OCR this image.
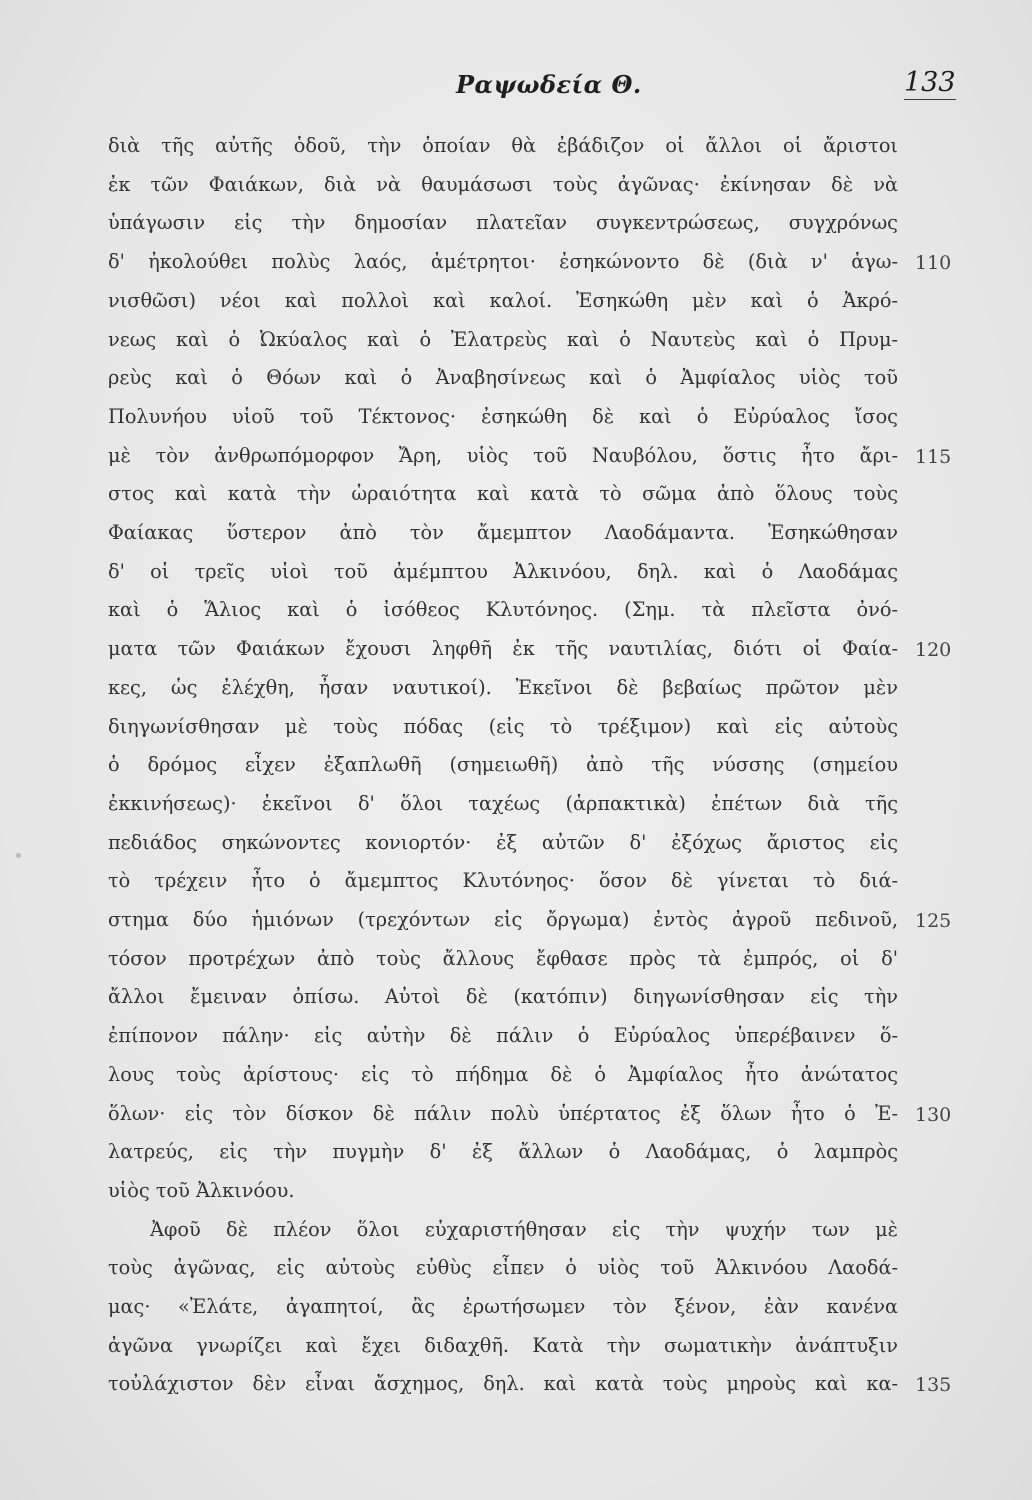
Ραψωδεία Θ.	133
διὰ τῆς αὐτῆς ὁδοῦ, τὴν ὁποίαν θὰ ἐβάδιζον οἱ ἄλλοι οἱ ἄριστοι
ἐκ τῶν Φαιάκων, διὰ νὰ θαυμάσωσι τοὺς ἀγῶνας· ἐκίνησαν δὲ νὰ
ὑπάγωσιν εἰς τὴν δημοσίαν πλατεῖαν συγκεντρώσεως, συγχρόνως
δ' ἠκολούθει πολὺς λαός, ἀμέτρητοι· ἐσηκώνοντο δὲ (διὰ ν' ἀγω-
νισθῶσι) νέοι καὶ πολλοὶ καὶ καλοί. Ἐσηκώθη μὲν καὶ ὁ Ἀκρό-
νεως καὶ ὁ Ὠκύαλος καὶ ὁ Ἐλατρεὺς καὶ ὁ Ναυτεὺς καὶ ὁ Πρυμ-
ρεὺς καὶ ὁ Θόων καὶ ὁ Ἀναβησίνεως καὶ ὁ Ἀμφίαλος υἱὸς τοῦ
Πολυνήου υἱοῦ τοῦ Τέκτονος· ἐσηκώθη δὲ καὶ ὁ Εὐρύαλος ἴσος
μὲ τὸν ἀνθρωπόμορφον Ἄρη, υἱὸς τοῦ Ναυβόλου, ὅστις ἦτο ἄρι-
στος καὶ κατὰ τὴν ὡραιότητα καὶ κατὰ τὸ σῶμα ἀπὸ ὅλους τοὺς
Φαίακας ὕστερον ἀπὸ τὸν ἄμεμπτον Λαοδάμαντα. Ἐσηκώθησαν
δ' οἱ τρεῖς υἱοὶ τοῦ ἀμέμπτου Ἀλκινόου, δηλ. καὶ ὁ Λαοδάμας
καὶ ὁ Ἅλιος καὶ ὁ ἰσόθεος Κλυτόνηος. (Σημ. τὰ πλεῖστα ὀνό-
ματα τῶν Φαιάκων ἔχουσι ληφθῆ ἐκ τῆς ναυτιλίας, διότι οἱ Φαία-
κες, ὡς ἐλέχθη, ἦσαν ναυτικοί). Ἐκεῖνοι δὲ βεβαίως πρῶτον μὲν
διηγωνίσθησαν μὲ τοὺς πόδας (εἰς τὸ τρέξιμον) καὶ εἰς αὐτοὺς
ὁ δρόμος εἶχεν ἐξαπλωθῆ (σημειωθῆ) ἀπὸ τῆς νύσσης (σημείου
ἐκκινήσεως)· ἐκεῖνοι δ' ὅλοι ταχέως (ἁρπακτικὰ) ἐπέτων διὰ τῆς
πεδιάδος σηκώνοντες κονιορτόν· ἐξ αὐτῶν δ' ἐξόχως ἄριστος εἰς
τὸ τρέχειν ἦτο ὁ ἄμεμπτος Κλυτόνηος· ὅσον δὲ γίνεται τὸ διά-
στημα δύο ἡμιόνων (τρεχόντων εἰς ὄργωμα) ἐντὸς ἀγροῦ πεδινοῦ,
τόσον προτρέχων ἀπὸ τοὺς ἄλλους ἔφθασε πρὸς τὰ ἐμπρός, οἱ δ'
ἄλλοι ἔμειναν ὀπίσω. Αὐτοὶ δὲ (κατόπιν) διηγωνίσθησαν εἰς τὴν
ἐπίπονον πάλην· εἰς αὐτὴν δὲ πάλιν ὁ Εὐρύαλος ὑπερέβαινεν ὅ-
λους τοὺς ἀρίστους· εἰς τὸ πήδημα δὲ ὁ Ἀμφίαλος ἦτο ἀνώτατος
ὅλων· εἰς τὸν δίσκον δὲ πάλιν πολὺ ὑπέρτατος ἐξ ὅλων ἦτο ὁ Ἐ-
λατρεύς, εἰς τὴν πυγμὴν δ' ἐξ ἄλλων ὁ Λαοδάμας, ὁ λαμπρὸς
υἱὸς τοῦ Ἀλκινόου.
Ἀφοῦ δὲ πλέον ὅλοι εὐχαριστήθησαν εἰς τὴν ψυχήν των μὲ
τοὺς ἀγῶνας, εἰς αὐτοὺς εὐθὺς εἶπεν ὁ υἱὸς τοῦ Ἀλκινόου Λαοδά-
μας· «Ἐλάτε, ἀγαπητοί, ἂς ἐρωτήσωμεν τὸν ξένον, ἐὰν κανένα
ἀγῶνα γνωρίζει καὶ ἔχει διδαχθῆ. Κατὰ τὴν σωματικὴν ἀνάπτυξιν
τοὐλάχιστον δὲν εἶναι ἄσχημος, δηλ. καὶ κατὰ τοὺς μηροὺς καὶ κα-
110
115
120
125
130
135
